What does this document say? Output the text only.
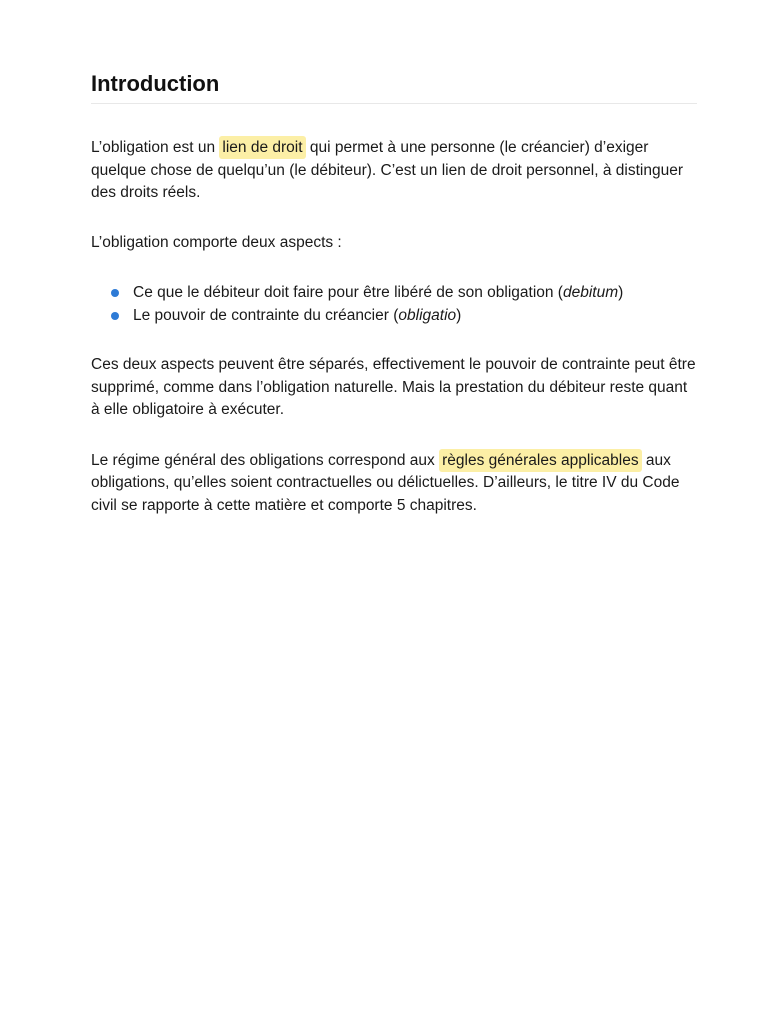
Introduction

L’obligation est un lien de droit qui permet à une personne (le créancier) d’exiger quelque chose de quelqu’un (le débiteur). C’est un lien de droit personnel, à distinguer des droits réels.

L’obligation comporte deux aspects :

Ce que le débiteur doit faire pour être libéré de son obligation (debitum)
Le pouvoir de contrainte du créancier (obligatio)

Ces deux aspects peuvent être séparés, effectivement le pouvoir de contrainte peut être supprimé, comme dans l’obligation naturelle. Mais la prestation du débiteur reste quant à elle obligatoire à exécuter.

Le régime général des obligations correspond aux règles générales applicables aux obligations, qu’elles soient contractuelles ou délictuelles. D’ailleurs, le titre IV du Code civil se rapporte à cette matière et comporte 5 chapitres.
